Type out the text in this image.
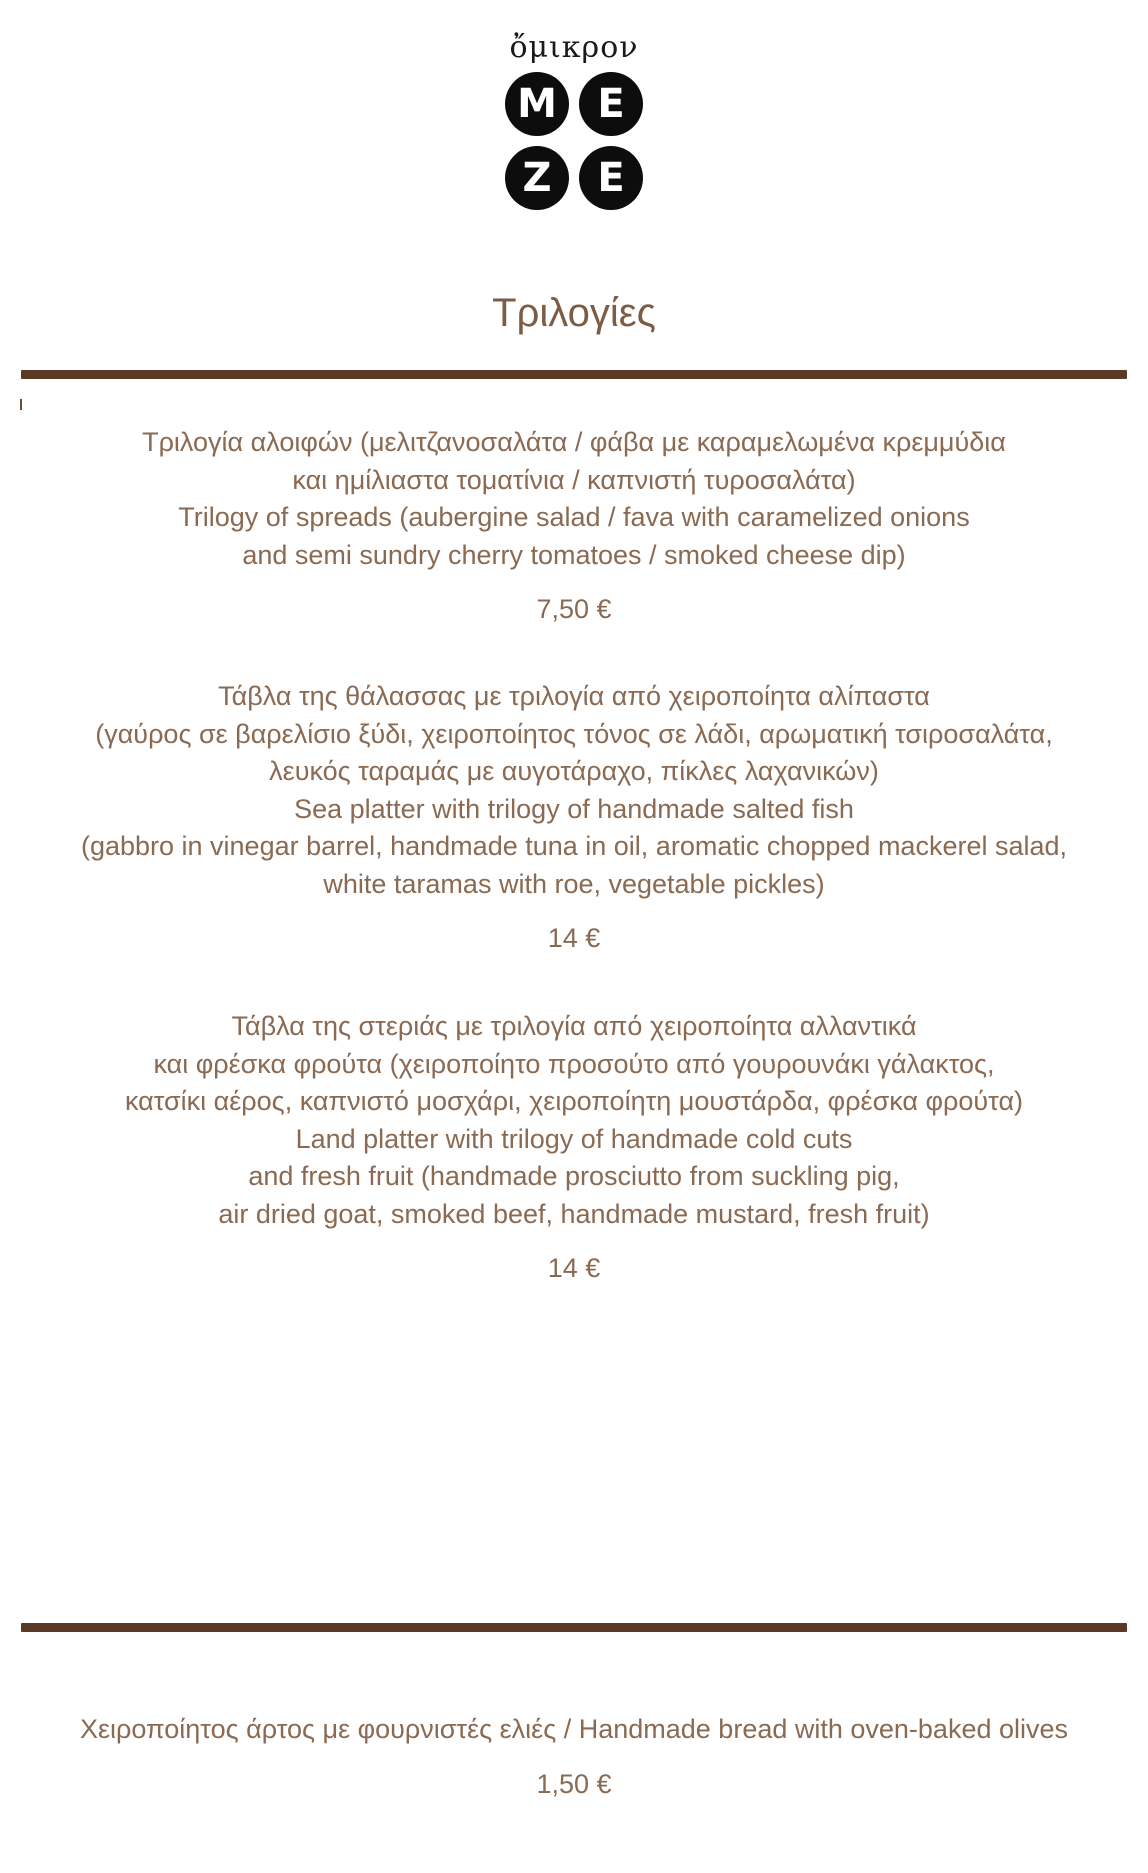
ὄμικρον
M	E
Z	E
Τριλογίες
Τριλογία αλοιφών (μελιτζανοσαλάτα / φάβα με καραμελωμένα κρεμμύδια
και ημίλιαστα τοματίνια / καπνιστή τυροσαλάτα)
Trilogy of spreads (aubergine salad / fava with caramelized onions
and semi sundry cherry tomatoes / smoked cheese dip)
7,50 €
Τάβλα της θάλασσας με τριλογία από χειροποίητα αλίπαστα
(γαύρος σε βαρελίσιο ξύδι, χειροποίητος τόνος σε λάδι, αρωματική τσιροσαλάτα,
λευκός ταραμάς με αυγοτάραχο, πίκλες λαχανικών)
Sea platter with trilogy of handmade salted fish
(gabbro in vinegar barrel, handmade tuna in oil, aromatic chopped mackerel salad,
white taramas with roe, vegetable pickles)
14 €
Τάβλα της στεριάς με τριλογία από χειροποίητα αλλαντικά
και φρέσκα φρούτα (χειροποίητο προσούτο από γουρουνάκι γάλακτος,
κατσίκι αέρος, καπνιστό μοσχάρι, χειροποίητη μουστάρδα, φρέσκα φρούτα)
Land platter with trilogy of handmade cold cuts
and fresh fruit (handmade prosciutto from suckling pig,
air dried goat, smoked beef, handmade mustard, fresh fruit)
14 €
Χειροποίητος άρτος με φουρνιστές ελιές / Handmade bread with oven-baked olives
1,50 €
